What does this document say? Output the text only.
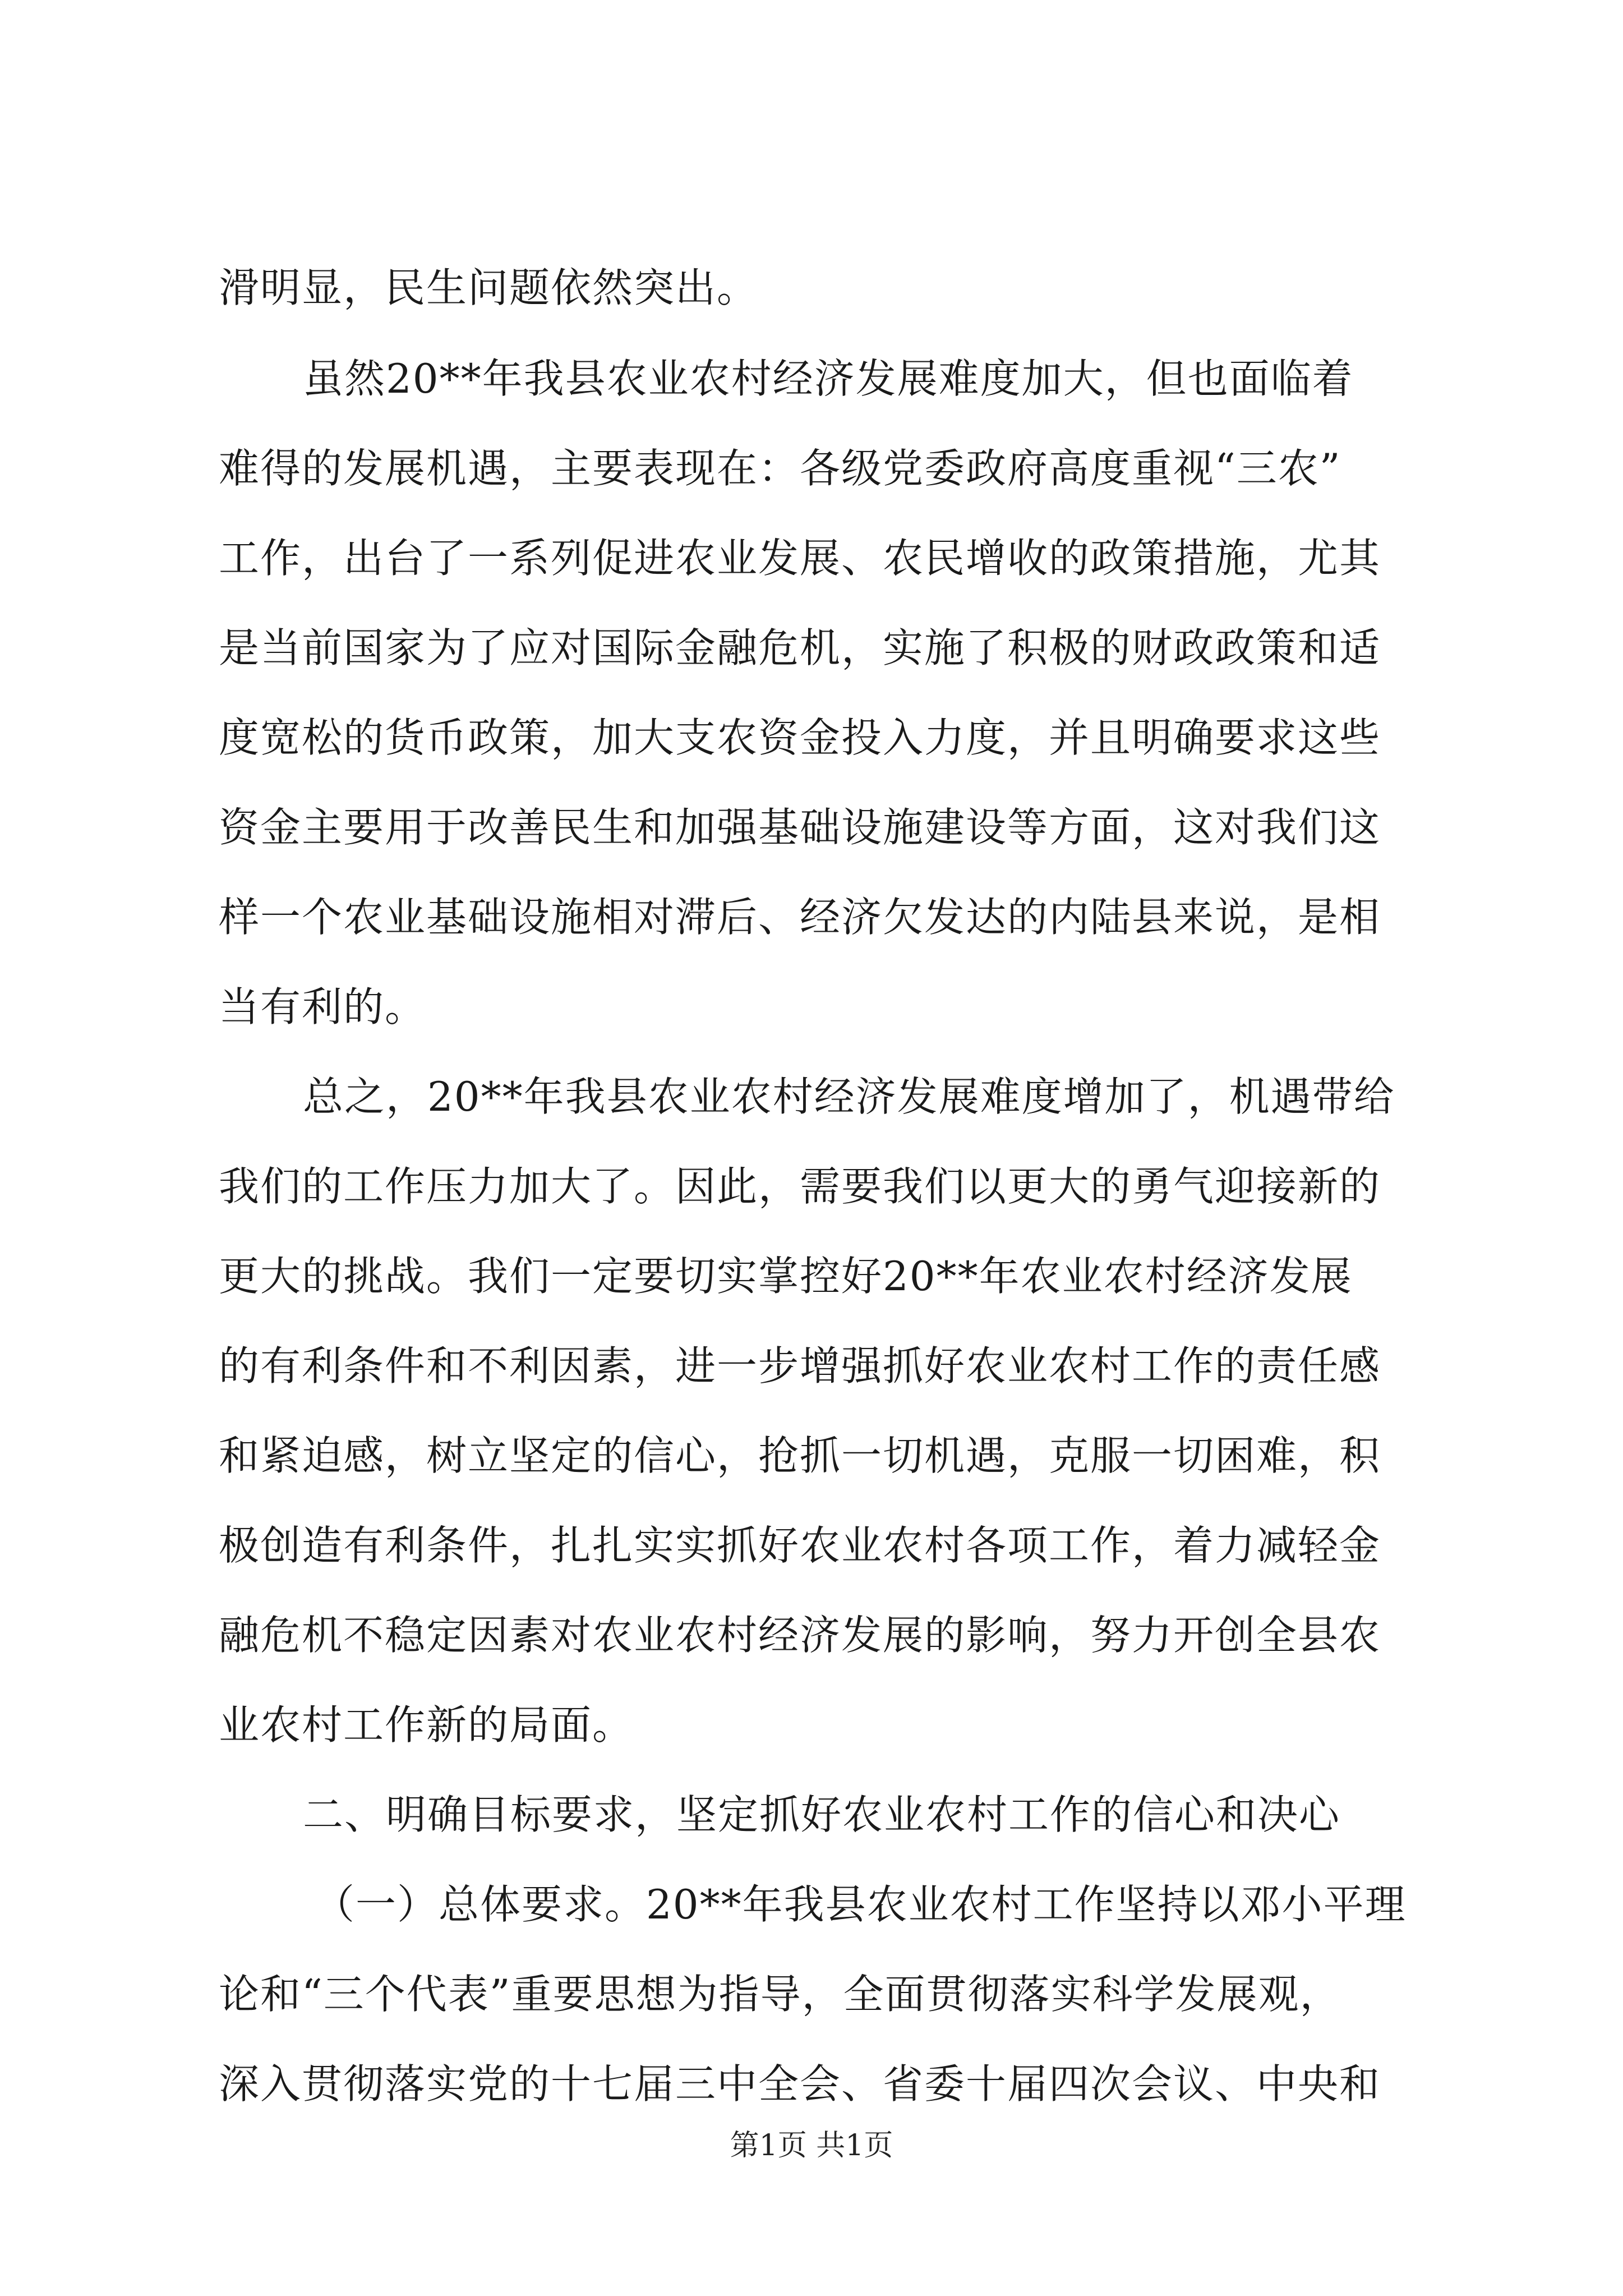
滑明显，民生问题依然突出。
虽然20**年我县农业农村经济发展难度加大，但也面临着
难得的发展机遇，主要表现在：各级党委政府高度重视“三农”
工作，出台了一系列促进农业发展、农民增收的政策措施，尤其
是当前国家为了应对国际金融危机，实施了积极的财政政策和适
度宽松的货币政策，加大支农资金投入力度，并且明确要求这些
资金主要用于改善民生和加强基础设施建设等方面，这对我们这
样一个农业基础设施相对滞后、经济欠发达的内陆县来说，是相
当有利的。
总之，20**年我县农业农村经济发展难度增加了，机遇带给
我们的工作压力加大了。因此，需要我们以更大的勇气迎接新的
更大的挑战。我们一定要切实掌控好20**年农业农村经济发展
的有利条件和不利因素，进一步增强抓好农业农村工作的责任感
和紧迫感，树立坚定的信心，抢抓一切机遇，克服一切困难，积
极创造有利条件，扎扎实实抓好农业农村各项工作，着力减轻金
融危机不稳定因素对农业农村经济发展的影响，努力开创全县农
业农村工作新的局面。
二、明确目标要求，坚定抓好农业农村工作的信心和决心
（一）总体要求。20**年我县农业农村工作坚持以邓小平理
论和“三个代表”重要思想为指导，全面贯彻落实科学发展观，
深入贯彻落实党的十七届三中全会、省委十届四次会议、中央和
第1页 共1页
